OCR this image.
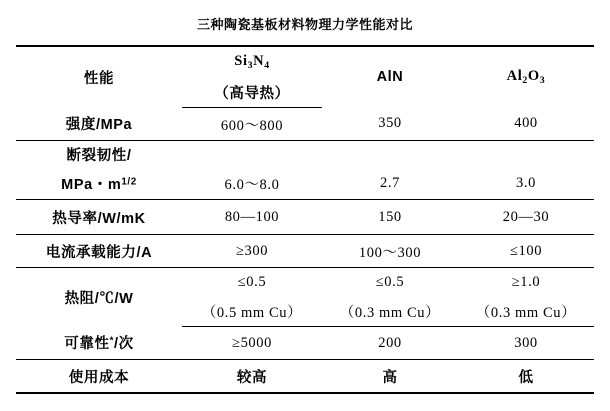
三种陶瓷基板材料物理力学性能对比
性能	$Si_3N_4$	AlN	$Al_2O_3$
	（高导热）		
强度/MPa	600～800	350	400
断裂韧性/			
MPa・$m^{1/2}$	6.0～8.0	2.7	3.0
热导率/W/mK	80—100	150	20—30
电流承载能力/A	≥300	100～300	≤100
热阻/℃/W	≤0.5	≤0.5	≥1.0
	（0.5 mm Cu）	（0.3 mm Cu）	（0.3 mm Cu）
可靠性*/次	≥5000	200	300
使用成本	较高	高	低
